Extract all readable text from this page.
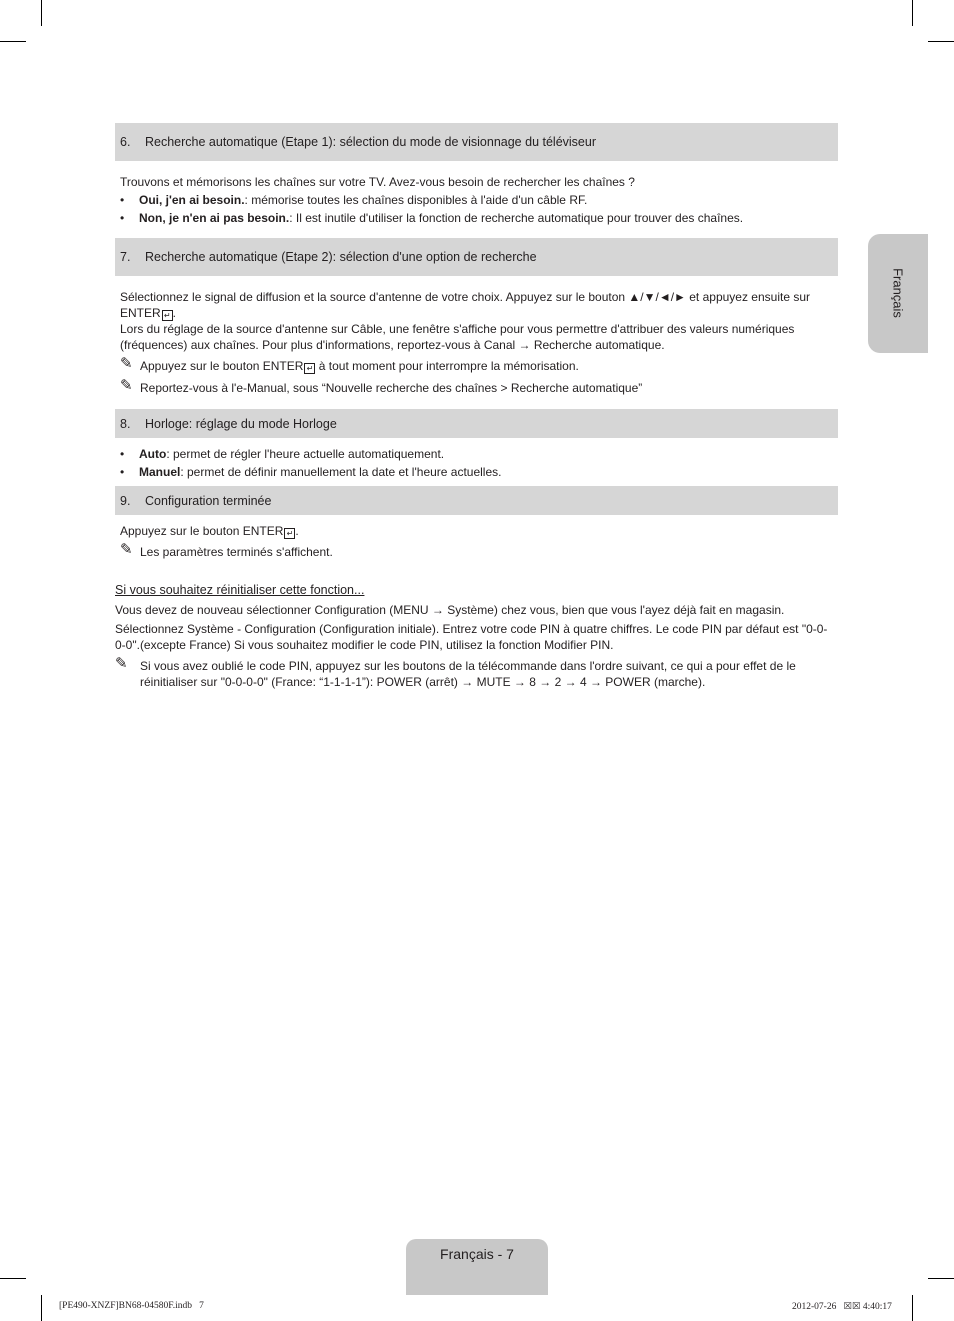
6.	Recherche automatique (Etape 1) : sélection du mode de visionnage du téléviseur
Trouvons et mémorisons les chaînes sur votre TV. Avez-vous besoin de rechercher les chaînes ?
• Oui, j'en ai besoin.: mémorise toutes les chaînes disponibles à l'aide d'un câble RF.
• Non, je n'en ai pas besoin.: Il est inutile d'utiliser la fonction de recherche automatique pour trouver des chaînes.
7.	Recherche automatique (Etape 2) : sélection d'une option de recherche
Sélectionnez le signal de diffusion et la source d'antenne de votre choix. Appuyez sur le bouton ▲/▼/◄/► et appuyez ensuite sur
ENTER ↵ .
Lors du réglage de la source d'antenne sur Câble, une fenêtre s'affiche pour vous permettre d'attribuer des valeurs numériques
(fréquences) aux chaînes. Pour plus d'informations, reportez-vous à Canal → Recherche automatique.
✎ Appuyez sur le bouton ENTER ↵ à tout moment pour interrompre la mémorisation.
✎ Reportez-vous à l'e-Manual, sous “Nouvelle recherche des chaînes > Recherche automatique”
8.	Horloge : réglage du mode Horloge
• Auto: permet de régler l'heure actuelle automatiquement.
• Manuel: permet de définir manuellement la date et l'heure actuelles.
9.	Configuration terminée
Appuyez sur le bouton ENTER ↵ .
✎ Les paramètres terminés s'affichent.
Si vous souhaitez réinitialiser cette fonction...
Vous devez de nouveau sélectionner Configuration (MENU → Système) chez vous, bien que vous l'ayez déjà fait en magasin.
Sélectionnez Système - Configuration (Configuration initiale). Entrez votre code PIN à quatre chiffres. Le code PIN par défaut est "0-0-
0-0".(excepte France) Si vous souhaitez modifier le code PIN, utilisez la fonction Modifier PIN.
✎ Si vous avez oublié le code PIN, appuyez sur les boutons de la télécommande dans l'ordre suivant, ce qui a pour effet de le
réinitialiser sur "0-0-0-0" (France: “1-1-1-1”): POWER (arrêt) → MUTE → 8 → 2 → 4 → POWER (marche).
Français
Français - 7
[PE490-XNZF]BN68-04580F.indb   7	2012-07-26   ☒☒ 4:40:17
